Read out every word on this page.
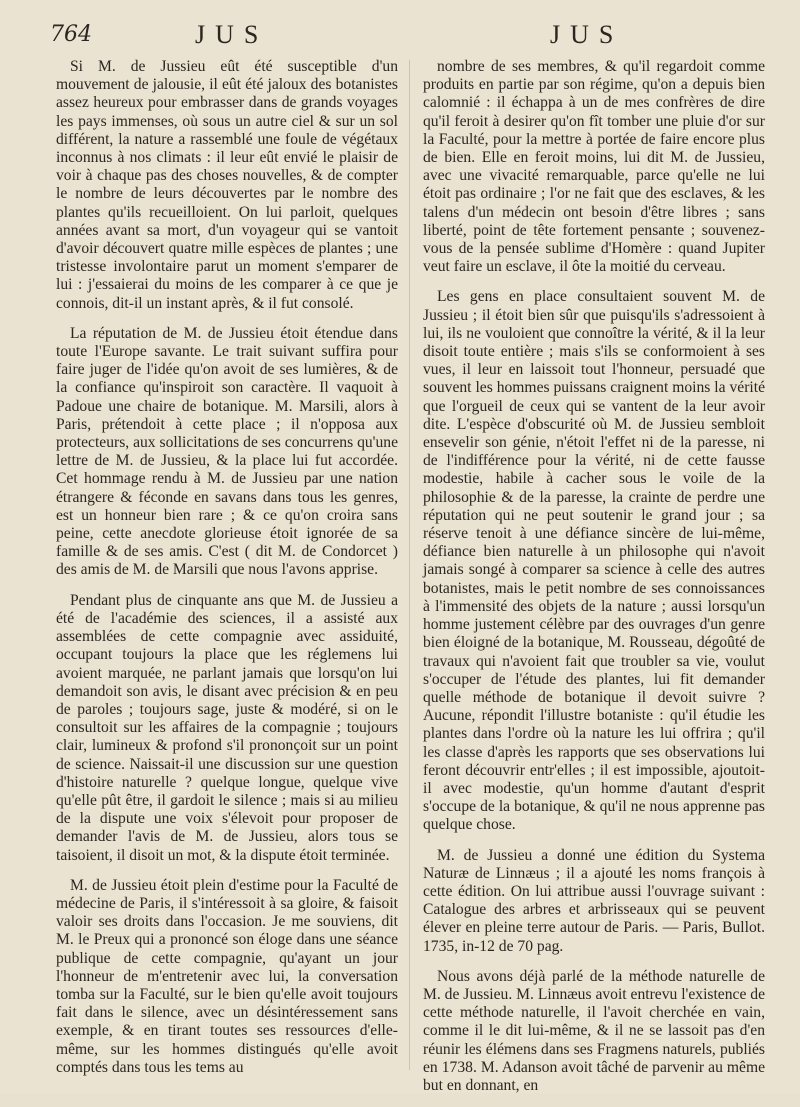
764	JUS	JUS

Si M. de Jussieu eût été susceptible d'un mouvement de jalousie, il eût été jaloux des botanistes assez heureux pour embrasser dans de grands voyages les pays immenses, où sous un autre ciel & sur un sol différent, la nature a rassemblé une foule de végétaux inconnus à nos climats : il leur eût envié le plaisir de voir à chaque pas des choses nouvelles, & de compter le nombre de leurs découvertes par le nombre des plantes qu'ils recueilloient. On lui parloit, quelques années avant sa mort, d'un voyageur qui se vantoit d'avoir découvert quatre mille espèces de plantes ; une tristesse involontaire parut un moment s'emparer de lui : j'essaierai du moins de les comparer à ce que je connois, dit-il un instant après, & il fut consolé.

La réputation de M. de Jussieu étoit étendue dans toute l'Europe savante. Le trait suivant suffira pour faire juger de l'idée qu'on avoit de ses lumières, & de la confiance qu'inspiroit son caractère. Il vaquoit à Padoue une chaire de botanique. M. Marsili, alors à Paris, prétendoit à cette place ; il n'opposa aux protecteurs, aux sollicitations de ses concurrens qu'une lettre de M. de Jussieu, & la place lui fut accordée. Cet hommage rendu à M. de Jussieu par une nation étrangere & féconde en savans dans tous les genres, est un honneur bien rare ; & ce qu'on croira sans peine, cette anecdote glorieuse étoit ignorée de sa famille & de ses amis. C'est ( dit M. de Condorcet ) des amis de M. de Marsili que nous l'avons apprise.

Pendant plus de cinquante ans que M. de Jussieu a été de l'académie des sciences, il a assisté aux assemblées de cette compagnie avec assiduité, occupant toujours la place que les réglemens lui avoient marquée, ne parlant jamais que lorsqu'on lui demandoit son avis, le disant avec précision & en peu de paroles ; toujours sage, juste & modéré, si on le consultoit sur les affaires de la compagnie ; toujours clair, lumineux & profond s'il prononçoit sur un point de science. Naissait-il une discussion sur une question d'histoire naturelle ? quelque longue, quelque vive qu'elle pût être, il gardoit le silence ; mais si au milieu de la dispute une voix s'élevoit pour proposer de demander l'avis de M. de Jussieu, alors tous se taisoient, il disoit un mot, & la dispute étoit terminée.

M. de Jussieu étoit plein d'estime pour la Faculté de médecine de Paris, il s'intéressoit à sa gloire, & faisoit valoir ses droits dans l'occasion. Je me souviens, dit M. le Preux qui a prononcé son éloge dans une séance publique de cette compagnie, qu'ayant un jour l'honneur de m'entretenir avec lui, la conversation tomba sur la Faculté, sur le bien qu'elle avoit toujours fait dans le silence, avec un désintéressement sans exemple, & en tirant toutes ses ressources d'elle-même, sur les hommes distingués qu'elle avoit comptés dans tous les tems au

nombre de ses membres, & qu'il regardoit comme produits en partie par son régime, qu'on a depuis bien calomnié : il échappa à un de mes confrères de dire qu'il feroit à desirer qu'on fît tomber une pluie d'or sur la Faculté, pour la mettre à portée de faire encore plus de bien. Elle en feroit moins, lui dit M. de Jussieu, avec une vivacité remarquable, parce qu'elle ne lui étoit pas ordinaire ; l'or ne fait que des esclaves, & les talens d'un médecin ont besoin d'être libres ; sans liberté, point de tête fortement pensante ; souvenez-vous de la pensée sublime d'Homère : quand Jupiter veut faire un esclave, il ôte la moitié du cerveau.

Les gens en place consultaient souvent M. de Jussieu ; il étoit bien sûr que puisqu'ils s'adressoient à lui, ils ne vouloient que connoître la vérité, & il la leur disoit toute entière ; mais s'ils se conformoient à ses vues, il leur en laissoit tout l'honneur, persuadé que souvent les hommes puissans craignent moins la vérité que l'orgueil de ceux qui se vantent de la leur avoir dite. L'espèce d'obscurité où M. de Jussieu sembloit ensevelir son génie, n'étoit l'effet ni de la paresse, ni de l'indifférence pour la vérité, ni de cette fausse modestie, habile à cacher sous le voile de la philosophie & de la paresse, la crainte de perdre une réputation qui ne peut soutenir le grand jour ; sa réserve tenoit à une défiance sincère de lui-même, défiance bien naturelle à un philosophe qui n'avoit jamais songé à comparer sa science à celle des autres botanistes, mais le petit nombre de ses connoissances à l'immensité des objets de la nature ; aussi lorsqu'un homme justement célèbre par des ouvrages d'un genre bien éloigné de la botanique, M. Rousseau, dégoûté de travaux qui n'avoient fait que troubler sa vie, voulut s'occuper de l'étude des plantes, lui fit demander quelle méthode de botanique il devoit suivre ? Aucune, répondit l'illustre botaniste : qu'il étudie les plantes dans l'ordre où la nature les lui offrira ; qu'il les classe d'après les rapports que ses observations lui feront découvrir entr'elles ; il est impossible, ajoutoit-il avec modestie, qu'un homme d'autant d'esprit s'occupe de la botanique, & qu'il ne nous apprenne pas quelque chose.

M. de Jussieu a donné une édition du Systema Naturæ de Linnæus ; il a ajouté les noms françois à cette édition. On lui attribue aussi l'ouvrage suivant : Catalogue des arbres et arbrisseaux qui se peuvent élever en pleine terre autour de Paris. — Paris, Bullot. 1735, in-12 de 70 pag.

Nous avons déjà parlé de la méthode naturelle de M. de Jussieu. M. Linnæus avoit entrevu l'existence de cette méthode naturelle, il l'avoit cherchée en vain, comme il le dit lui-même, & il ne se lassoit pas d'en réunir les élémens dans ses Fragmens naturels, publiés en 1738. M. Adanson avoit tâché de parvenir au même but en donnant, en
